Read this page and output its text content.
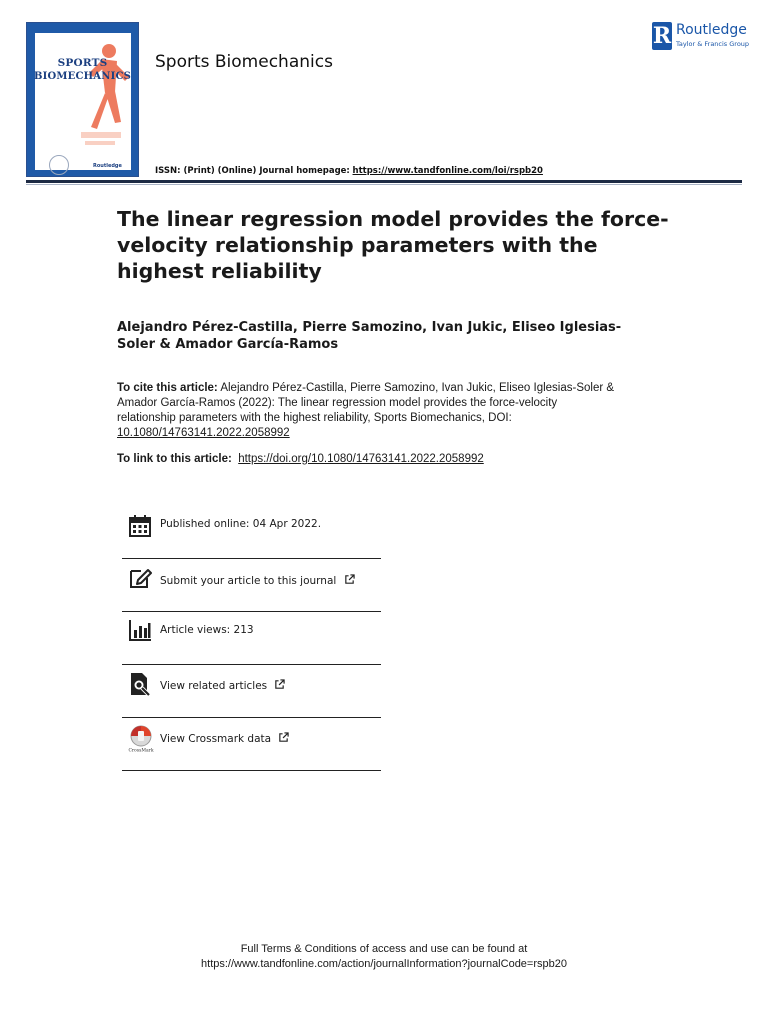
SPORTS
BIOMECHANICS
Routledge
Sports Biomechanics
ISSN: (Print) (Online) Journal homepage: https://www.tandfonline.com/loi/rspb20
R Routledge
Taylor & Francis Group
The linear regression model provides the force-velocity relationship parameters with the highest reliability
Alejandro Pérez-Castilla, Pierre Samozino, Ivan Jukic, Eliseo Iglesias-Soler & Amador García-Ramos
To cite this article: Alejandro Pérez-Castilla, Pierre Samozino, Ivan Jukic, Eliseo Iglesias-Soler & Amador García-Ramos (2022): The linear regression model provides the force-velocity relationship parameters with the highest reliability, Sports Biomechanics, DOI: 10.1080/14763141.2022.2058992
To link to this article: https://doi.org/10.1080/14763141.2022.2058992
Published online: 04 Apr 2022.
Submit your article to this journal
Article views: 213
View related articles
CrossMark
View Crossmark data
Full Terms & Conditions of access and use can be found at
https://www.tandfonline.com/action/journalInformation?journalCode=rspb20
